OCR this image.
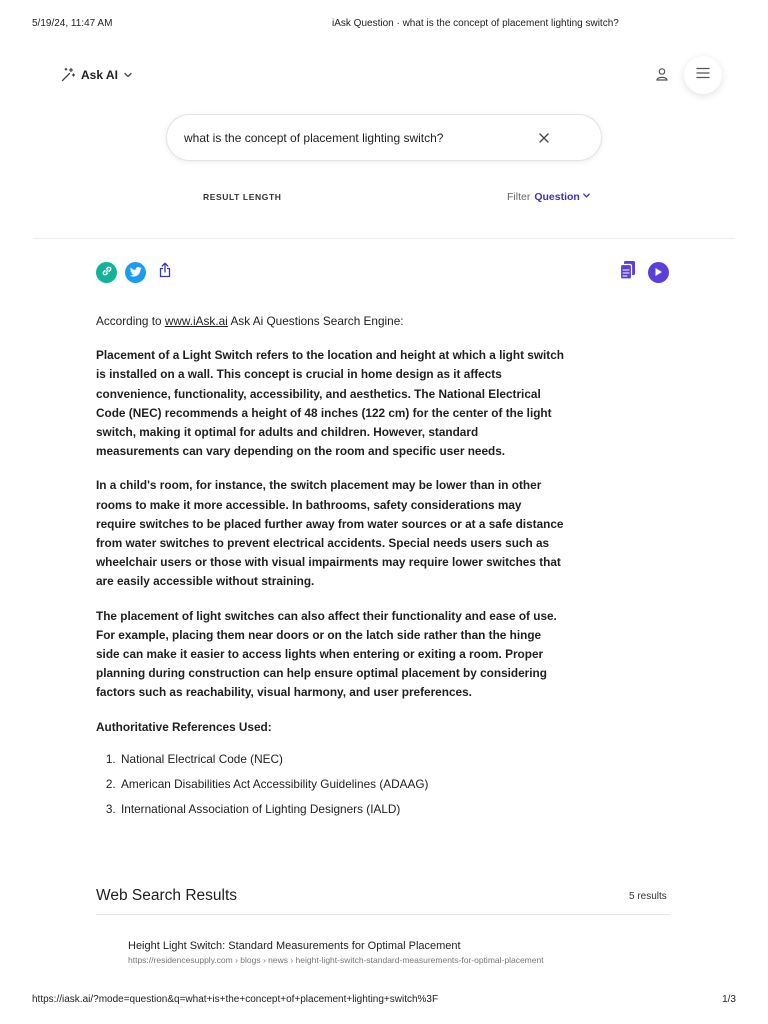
5/19/24, 11:47 AM	iAsk Question · what is the concept of placement lighting switch?
Ask AI
what is the concept of placement lighting switch?
RESULT LENGTH	Filter Question

According to www.iAsk.ai Ask Ai Questions Search Engine:

Placement of a Light Switch refers to the location and height at which a light switch is installed on a wall. This concept is crucial in home design as it affects convenience, functionality, accessibility, and aesthetics. The National Electrical Code (NEC) recommends a height of 48 inches (122 cm) for the center of the light switch, making it optimal for adults and children. However, standard measurements can vary depending on the room and specific user needs.

In a child's room, for instance, the switch placement may be lower than in other rooms to make it more accessible. In bathrooms, safety considerations may require switches to be placed further away from water sources or at a safe distance from water switches to prevent electrical accidents. Special needs users such as wheelchair users or those with visual impairments may require lower switches that are easily accessible without straining.

The placement of light switches can also affect their functionality and ease of use. For example, placing them near doors or on the latch side rather than the hinge side can make it easier to access lights when entering or exiting a room. Proper planning during construction can help ensure optimal placement by considering factors such as reachability, visual harmony, and user preferences.

Authoritative References Used:

1. National Electrical Code (NEC)
2. American Disabilities Act Accessibility Guidelines (ADAAG)
3. International Association of Lighting Designers (IALD)
Web Search Results	5 results
Height Light Switch: Standard Measurements for Optimal Placement
https://residencesupply.com › blogs › news › height-light-switch-standard-measurements-for-optimal-placement
https://iask.ai/?mode=question&q=what+is+the+concept+of+placement+lighting+switch%3F	1/3
